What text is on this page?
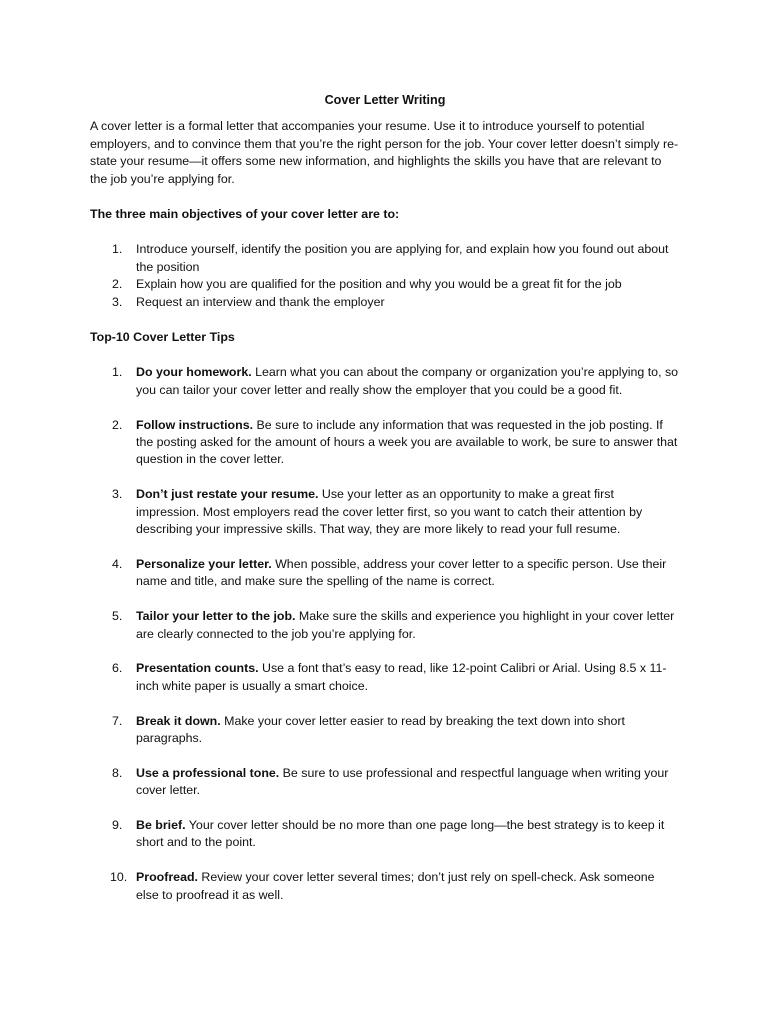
Cover Letter Writing

A cover letter is a formal letter that accompanies your resume. Use it to introduce yourself to potential employers, and to convince them that you’re the right person for the job. Your cover letter doesn’t simply re-state your resume—it offers some new information, and highlights the skills you have that are relevant to the job you’re applying for.

The three main objectives of your cover letter are to:

1. Introduce yourself, identify the position you are applying for, and explain how you found out about the position
2. Explain how you are qualified for the position and why you would be a great fit for the job
3. Request an interview and thank the employer

Top-10 Cover Letter Tips

1. Do your homework. Learn what you can about the company or organization you’re applying to, so you can tailor your cover letter and really show the employer that you could be a good fit.
2. Follow instructions. Be sure to include any information that was requested in the job posting. If the posting asked for the amount of hours a week you are available to work, be sure to answer that question in the cover letter.
3. Don’t just restate your resume. Use your letter as an opportunity to make a great first impression. Most employers read the cover letter first, so you want to catch their attention by describing your impressive skills. That way, they are more likely to read your full resume.
4. Personalize your letter. When possible, address your cover letter to a specific person. Use their name and title, and make sure the spelling of the name is correct.
5. Tailor your letter to the job. Make sure the skills and experience you highlight in your cover letter are clearly connected to the job you’re applying for.
6. Presentation counts. Use a font that’s easy to read, like 12-point Calibri or Arial. Using 8.5 x 11-inch white paper is usually a smart choice.
7. Break it down. Make your cover letter easier to read by breaking the text down into short paragraphs.
8. Use a professional tone. Be sure to use professional and respectful language when writing your cover letter.
9. Be brief. Your cover letter should be no more than one page long—the best strategy is to keep it short and to the point.
10. Proofread. Review your cover letter several times; don’t just rely on spell-check. Ask someone else to proofread it as well.
